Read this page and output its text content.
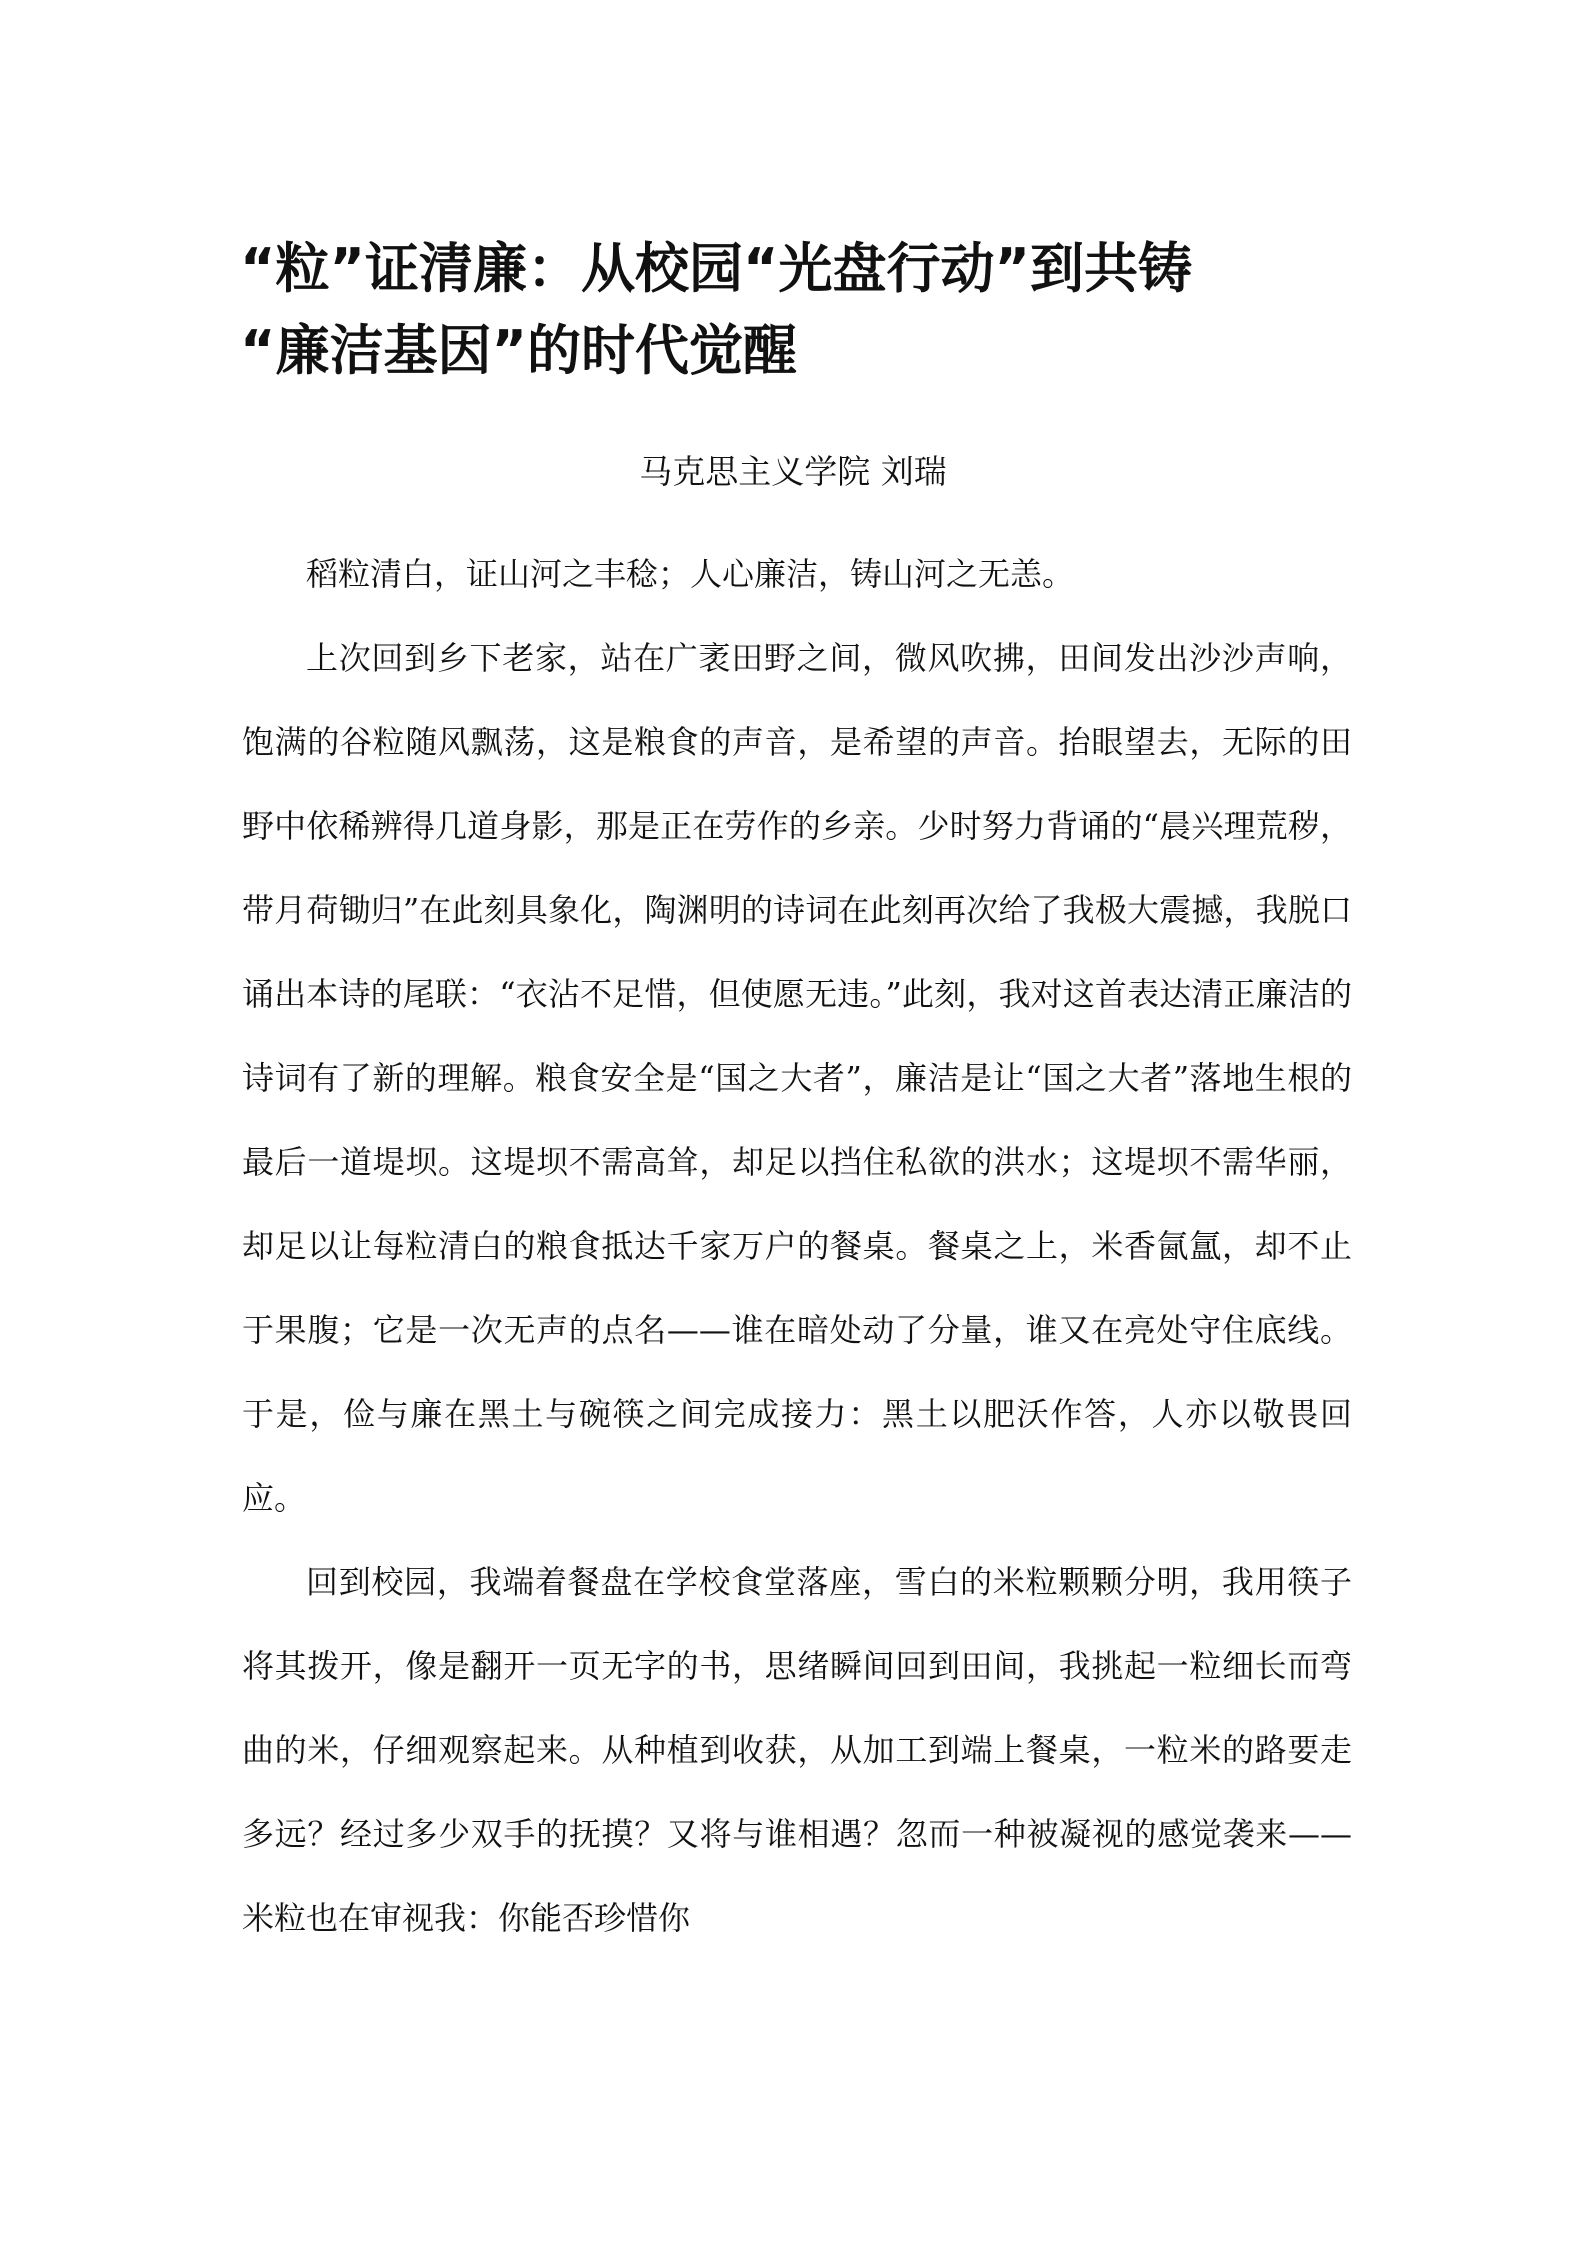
“粒”证清廉：从校园“光盘行动”到共铸
“廉洁基因”的时代觉醒
马克思主义学院 刘瑞

稻粒清白，证山河之丰稔；人心廉洁，铸山河之无恙。

上次回到乡下老家，站在广袤田野之间，微风吹拂，田间发出沙沙声响，饱满的谷粒随风飘荡，这是粮食的声音，是希望的声音。抬眼望去，无际的田野中依稀辨得几道身影，那是正在劳作的乡亲。少时努力背诵的“晨兴理荒秽，带月荷锄归”在此刻具象化，陶渊明的诗词在此刻再次给了我极大震撼，我脱口诵出本诗的尾联：“衣沾不足惜，但使愿无违。”此刻，我对这首表达清正廉洁的诗词有了新的理解。粮食安全是“国之大者”，廉洁是让“国之大者”落地生根的最后一道堤坝。这堤坝不需高耸，却足以挡住私欲的洪水；这堤坝不需华丽，却足以让每粒清白的粮食抵达千家万户的餐桌。餐桌之上，米香氤氲，却不止于果腹；它是一次无声的点名——谁在暗处动了分量，谁又在亮处守住底线。于是，俭与廉在黑土与碗筷之间完成接力：黑土以肥沃作答，人亦以敬畏回应。

回到校园，我端着餐盘在学校食堂落座，雪白的米粒颗颗分明，我用筷子将其拨开，像是翻开一页无字的书，思绪瞬间回到田间，我挑起一粒细长而弯曲的米，仔细观察起来。从种植到收获，从加工到端上餐桌，一粒米的路要走多远？经过多少双手的抚摸？又将与谁相遇？忽而一种被凝视的感觉袭来——米粒也在审视我：你能否珍惜你
